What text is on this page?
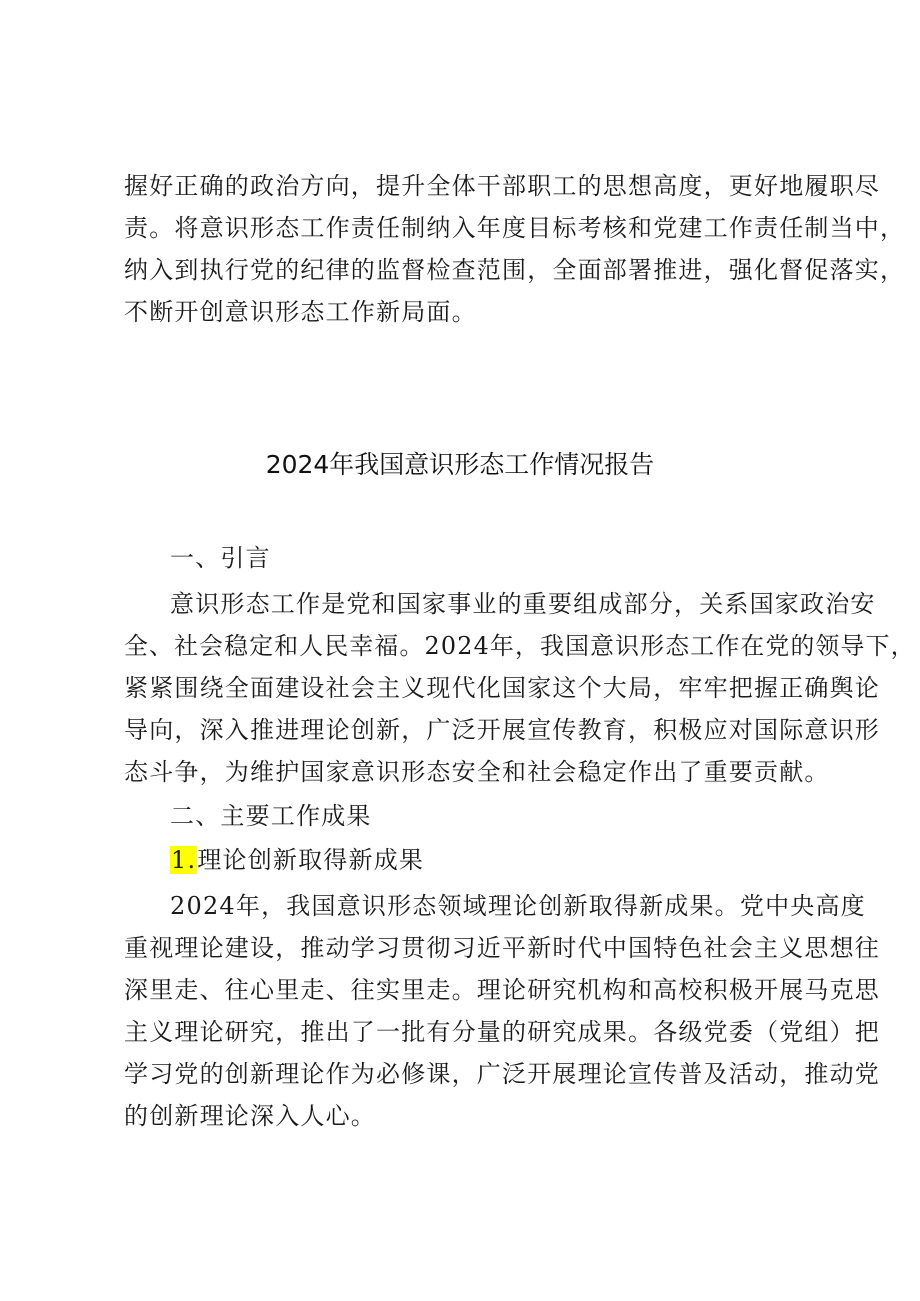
握好正确的政治方向，提升全体干部职工的思想高度，更好地履职尽
责。将意识形态工作责任制纳入年度目标考核和党建工作责任制当中，
纳入到执行党的纪律的监督检查范围，全面部署推进，强化督促落实，
不断开创意识形态工作新局面。
2024年我国意识形态工作情况报告
一、引言
意识形态工作是党和国家事业的重要组成部分，关系国家政治安
全、社会稳定和人民幸福。2024年，我国意识形态工作在党的领导下，
紧紧围绕全面建设社会主义现代化国家这个大局，牢牢把握正确舆论
导向，深入推进理论创新，广泛开展宣传教育，积极应对国际意识形
态斗争，为维护国家意识形态安全和社会稳定作出了重要贡献。
二、主要工作成果
1.理论创新取得新成果
2024年，我国意识形态领域理论创新取得新成果。党中央高度
重视理论建设，推动学习贯彻习近平新时代中国特色社会主义思想往
深里走、往心里走、往实里走。理论研究机构和高校积极开展马克思
主义理论研究，推出了一批有分量的研究成果。各级党委（党组）把
学习党的创新理论作为必修课，广泛开展理论宣传普及活动，推动党
的创新理论深入人心。
